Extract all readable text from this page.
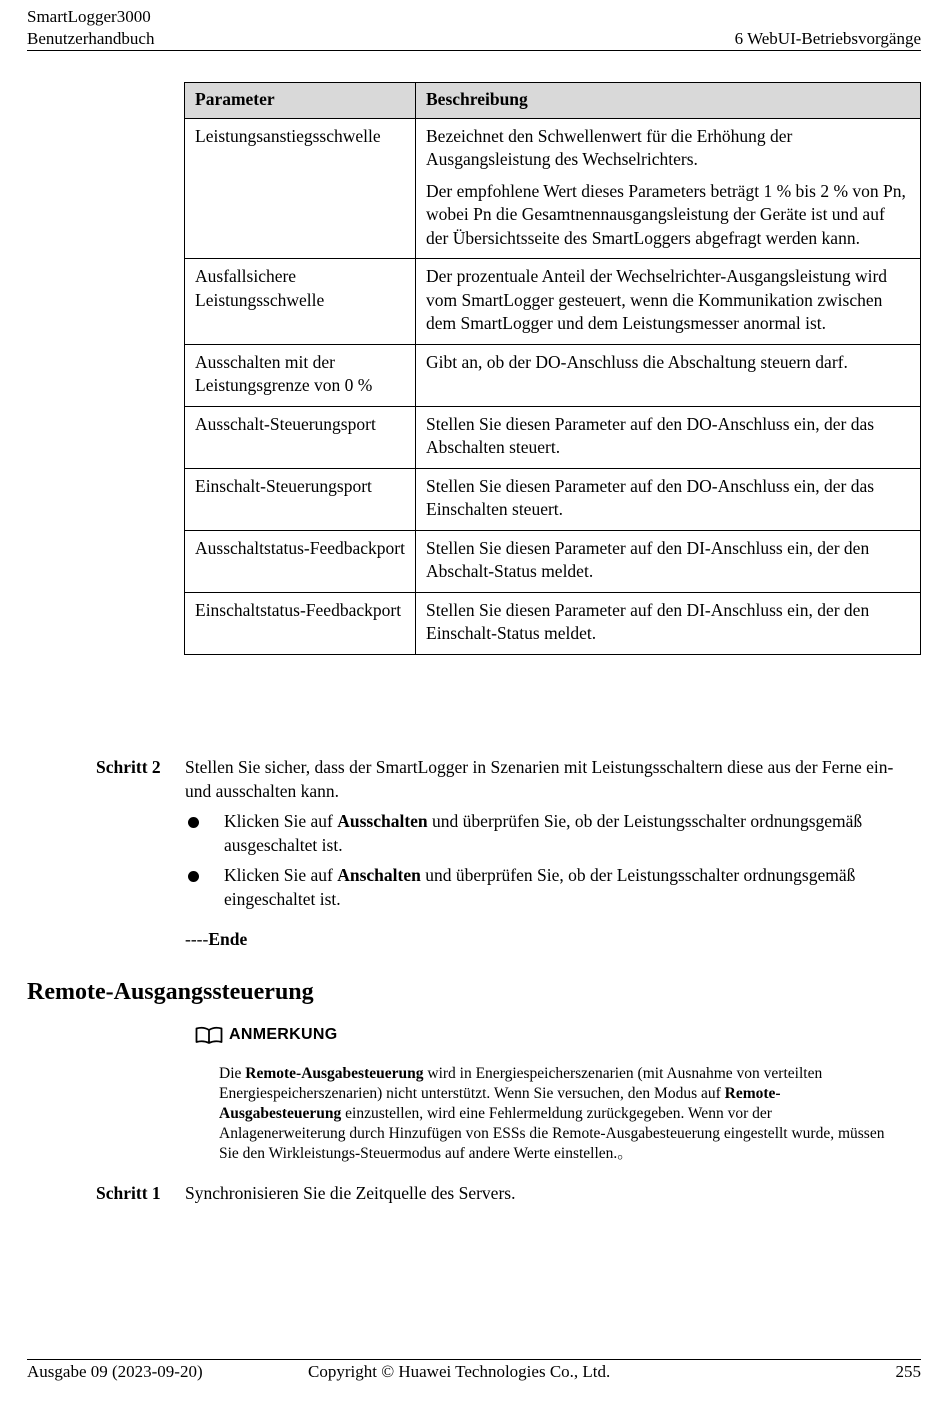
SmartLogger3000
Benutzerhandbuch	6 WebUI-Betriebsvorgänge
Parameter	Beschreibung
Leistungsanstiegsschwelle	Bezeichnet den Schwellenwert für die Erhöhung der Ausgangsleistung des Wechselrichters.

Der empfohlene Wert dieses Parameters beträgt 1 % bis 2 % von Pn, wobei Pn die Gesamtnennausgangsleistung der Geräte ist und auf der Übersichtsseite des SmartLoggers abgefragt werden kann.

Ausfallsichere Leistungsschwelle	Der prozentuale Anteil der Wechselrichter-Ausgangsleistung wird vom SmartLogger gesteuert, wenn die Kommunikation zwischen dem SmartLogger und dem Leistungsmesser anormal ist.

Ausschalten mit der Leistungsgrenze von 0 %	Gibt an, ob der DO-Anschluss die Abschaltung steuern darf.

Ausschalt-Steuerungsport	Stellen Sie diesen Parameter auf den DO-Anschluss ein, der das Abschalten steuert.

Einschalt-Steuerungsport	Stellen Sie diesen Parameter auf den DO-Anschluss ein, der das Einschalten steuert.

Ausschaltstatus-Feedbackport	Stellen Sie diesen Parameter auf den DI-Anschluss ein, der den Abschalt-Status meldet.

Einschaltstatus-Feedbackport	Stellen Sie diesen Parameter auf den DI-Anschluss ein, der den Einschalt-Status meldet.

Schritt 2 Stellen Sie sicher, dass der SmartLogger in Szenarien mit Leistungsschaltern diese aus der Ferne ein- und ausschalten kann.
Klicken Sie auf Ausschalten und überprüfen Sie, ob der Leistungsschalter ordnungsgemäß ausgeschaltet ist.
Klicken Sie auf Anschalten und überprüfen Sie, ob der Leistungsschalter ordnungsgemäß eingeschaltet ist.
----Ende
Remote-Ausgangssteuerung
ANMERKUNG
Die Remote-Ausgabesteuerung wird in Energiespeicherszenarien (mit Ausnahme von verteilten Energiespeicherszenarien) nicht unterstützt. Wenn Sie versuchen, den Modus auf Remote-Ausgabesteuerung einzustellen, wird eine Fehlermeldung zurückgegeben. Wenn vor der Anlagenerweiterung durch Hinzufügen von ESSs die Remote-Ausgabesteuerung eingestellt wurde, müssen Sie den Wirkleistungs-Steuermodus auf andere Werte einstellen.。
Schritt 1 Synchronisieren Sie die Zeitquelle des Servers.
Ausgabe 09 (2023-09-20)	Copyright © Huawei Technologies Co., Ltd.	255
